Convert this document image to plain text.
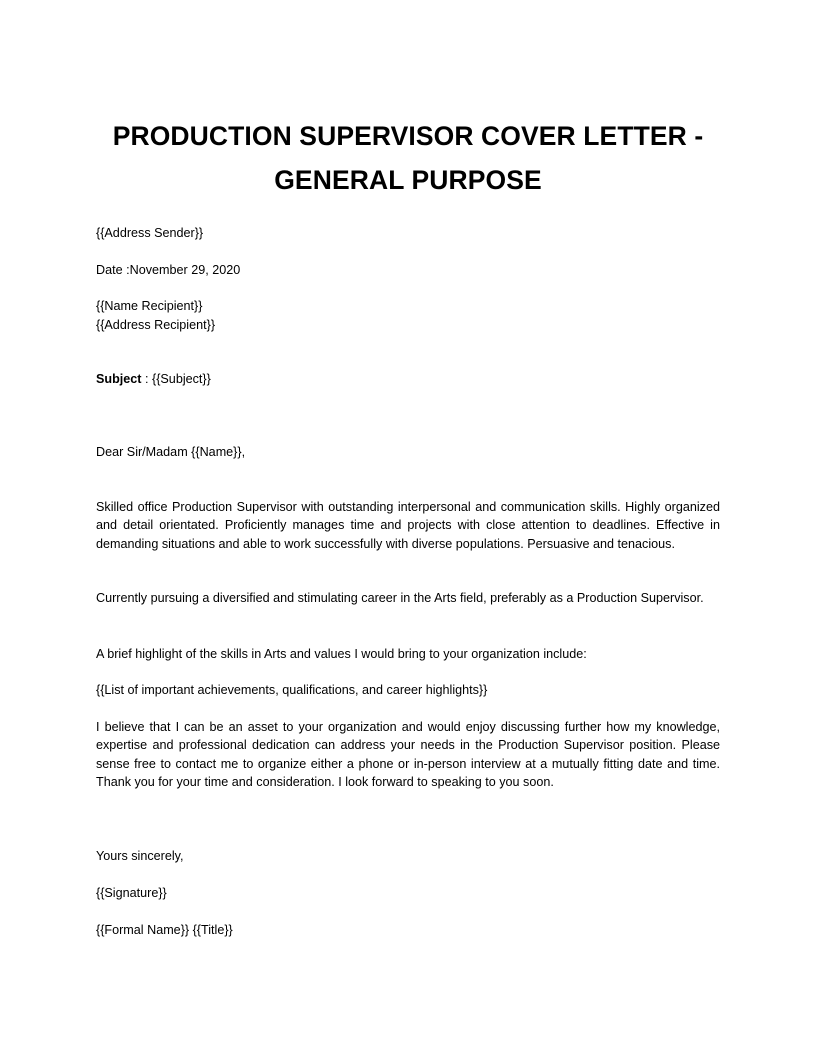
PRODUCTION SUPERVISOR COVER LETTER -
GENERAL PURPOSE

{{Address Sender}}

Date :November 29, 2020

{{Name Recipient}}

{{Address Recipient}}

Subject : {{Subject}}

Dear Sir/Madam {{Name}},

Skilled office Production Supervisor with outstanding interpersonal and communication skills. Highly organized and detail orientated. Proficiently manages time and projects with close attention to deadlines. Effective in demanding situations and able to work successfully with diverse populations. Persuasive and tenacious.

Currently pursuing a diversified and stimulating career in the Arts field, preferably as a Production Supervisor.

A brief highlight of the skills in Arts and values I would bring to your organization include:

{{List of important achievements, qualifications, and career highlights}}

I believe that I can be an asset to your organization and would enjoy discussing further how my knowledge, expertise and professional dedication can address your needs in the Production Supervisor position. Please sense free to contact me to organize either a phone or in-person interview at a mutually fitting date and time. Thank you for your time and consideration. I look forward to speaking to you soon.

Yours sincerely,

{{Signature}}

{{Formal Name}} {{Title}}
